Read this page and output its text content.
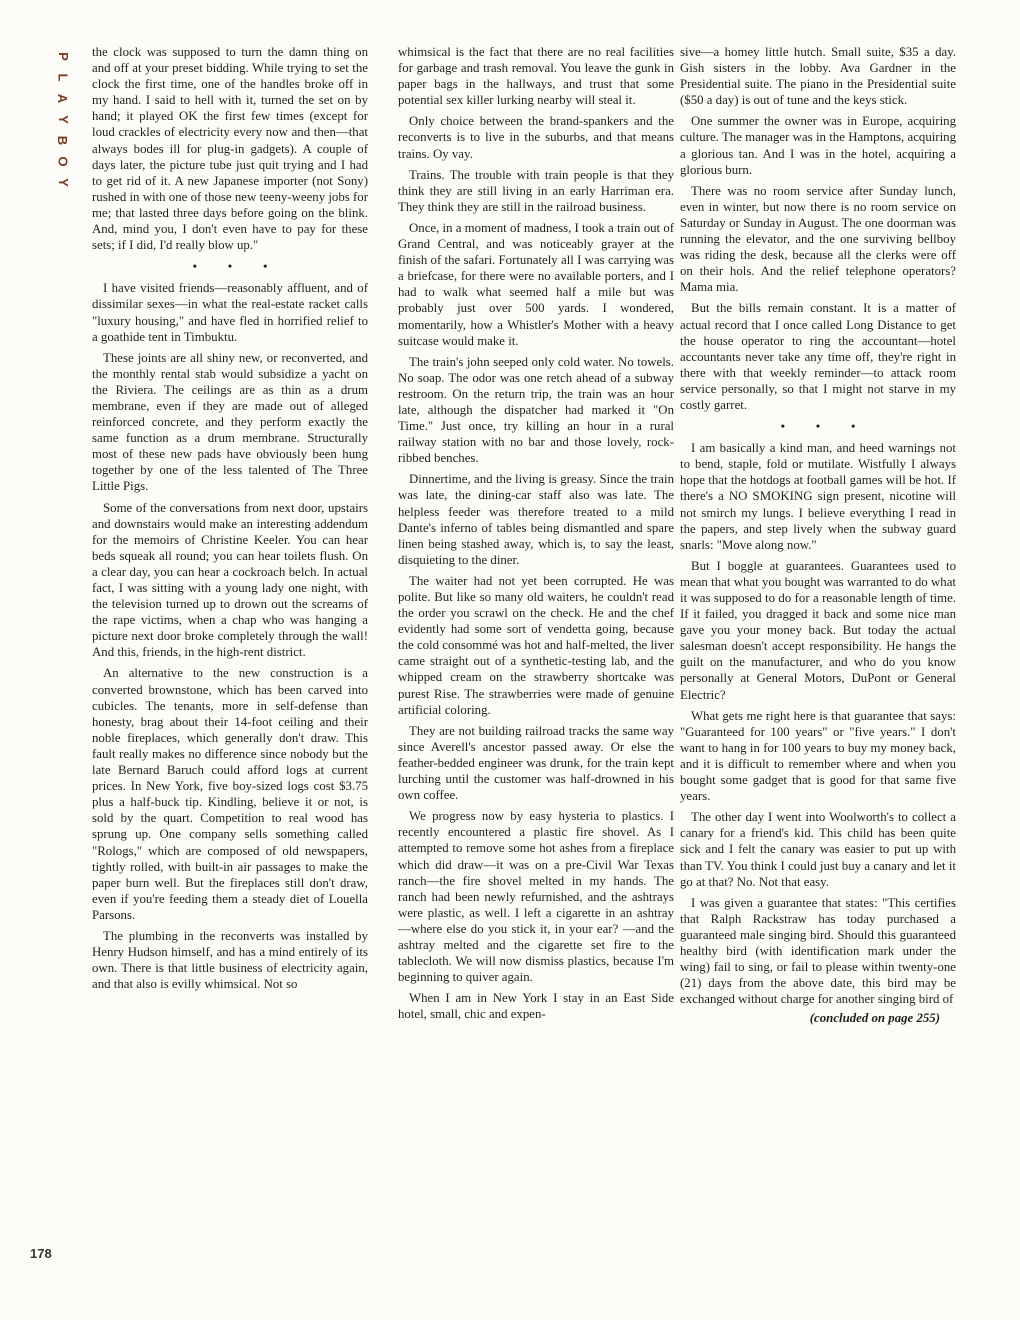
P
L
A
Y
B
O
Y

the clock was supposed to turn the damn thing on and off at your preset bidding. While trying to set the clock the first time, one of the handles broke off in my hand. I said to hell with it, turned the set on by hand; it played OK the first few times (except for loud crackles of electricity every now and then—that always bodes ill for plug-in gadgets). A couple of days later, the picture tube just quit trying and I had to get rid of it. A new Japanese importer (not Sony) rushed in with one of those new teeny-weeny jobs for me; that lasted three days before going on the blink. And, mind you, I don't even have to pay for these sets; if I did, I'd really blow up."

• • •

I have visited friends—reasonably affluent, and of dissimilar sexes—in what the real-estate racket calls "luxury housing," and have fled in horrified relief to a goathide tent in Timbuktu.

These joints are all shiny new, or reconverted, and the monthly rental stab would subsidize a yacht on the Riviera. The ceilings are as thin as a drum membrane, even if they are made out of alleged reinforced concrete, and they perform exactly the same function as a drum membrane. Structurally most of these new pads have obviously been hung together by one of the less talented of The Three Little Pigs.

Some of the conversations from next door, upstairs and downstairs would make an interesting addendum for the memoirs of Christine Keeler. You can hear beds squeak all round; you can hear toilets flush. On a clear day, you can hear a cockroach belch. In actual fact, I was sitting with a young lady one night, with the television turned up to drown out the screams of the rape victims, when a chap who was hanging a picture next door broke completely through the wall! And this, friends, in the high-rent district.

An alternative to the new construction is a converted brownstone, which has been carved into cubicles. The tenants, more in self-defense than honesty, brag about their 14-foot ceiling and their noble fireplaces, which generally don't draw. This fault really makes no difference since nobody but the late Bernard Baruch could afford logs at current prices. In New York, five boy-sized logs cost $3.75 plus a half-buck tip. Kindling, believe it or not, is sold by the quart. Competition to real wood has sprung up. One company sells something called "Rologs," which are composed of old newspapers, tightly rolled, with built-in air passages to make the paper burn well. But the fireplaces still don't draw, even if you're feeding them a steady diet of Louella Parsons.

The plumbing in the reconverts was installed by Henry Hudson himself, and has a mind entirely of its own. There is that little business of electricity again, and that also is evilly whimsical. Not so

whimsical is the fact that there are no real facilities for garbage and trash removal. You leave the gunk in paper bags in the hallways, and trust that some potential sex killer lurking nearby will steal it.

Only choice between the brand-spankers and the reconverts is to live in the suburbs, and that means trains. Oy vay.

Trains. The trouble with train people is that they think they are still living in an early Harriman era. They think they are still in the railroad business.

Once, in a moment of madness, I took a train out of Grand Central, and was noticeably grayer at the finish of the safari. Fortunately all I was carrying was a briefcase, for there were no available porters, and I had to walk what seemed half a mile but was probably just over 500 yards. I wondered, momentarily, how a Whistler's Mother with a heavy suitcase would make it.

The train's john seeped only cold water. No towels. No soap. The odor was one retch ahead of a subway restroom. On the return trip, the train was an hour late, although the dispatcher had marked it "On Time." Just once, try killing an hour in a rural railway station with no bar and those lovely, rock-ribbed benches.

Dinnertime, and the living is greasy. Since the train was late, the dining-car staff also was late. The helpless feeder was therefore treated to a mild Dante's inferno of tables being dismantled and spare linen being stashed away, which is, to say the least, disquieting to the diner.

The waiter had not yet been corrupted. He was polite. But like so many old waiters, he couldn't read the order you scrawl on the check. He and the chef evidently had some sort of vendetta going, because the cold consommé was hot and half-melted, the liver came straight out of a synthetic-testing lab, and the whipped cream on the strawberry shortcake was purest Rise. The strawberries were made of genuine artificial coloring.

They are not building railroad tracks the same way since Averell's ancestor passed away. Or else the feather-bedded engineer was drunk, for the train kept lurching until the customer was half-drowned in his own coffee.

We progress now by easy hysteria to plastics. I recently encountered a plastic fire shovel. As I attempted to remove some hot ashes from a fireplace which did draw—it was on a pre-Civil War Texas ranch—the fire shovel melted in my hands. The ranch had been newly refurnished, and the ashtrays were plastic, as well. I left a cigarette in an ashtray —where else do you stick it, in your ear? —and the ashtray melted and the cigarette set fire to the tablecloth. We will now dismiss plastics, because I'm beginning to quiver again.

When I am in New York I stay in an East Side hotel, small, chic and expen-

sive—a homey little hutch. Small suite, $35 a day. Gish sisters in the lobby. Ava Gardner in the Presidential suite. The piano in the Presidential suite ($50 a day) is out of tune and the keys stick.

One summer the owner was in Europe, acquiring culture. The manager was in the Hamptons, acquiring a glorious tan. And I was in the hotel, acquiring a glorious burn.

There was no room service after Sunday lunch, even in winter, but now there is no room service on Saturday or Sunday in August. The one doorman was running the elevator, and the one surviving bellboy was riding the desk, because all the clerks were off on their hols. And the relief telephone operators? Mama mia.

But the bills remain constant. It is a matter of actual record that I once called Long Distance to get the house operator to ring the accountant—hotel accountants never take any time off, they're right in there with that weekly reminder—to attack room service personally, so that I might not starve in my costly garret.

• • •

I am basically a kind man, and heed warnings not to bend, staple, fold or mutilate. Wistfully I always hope that the hotdogs at football games will be hot. If there's a NO SMOKING sign present, nicotine will not smirch my lungs. I believe everything I read in the papers, and step lively when the subway guard snarls: "Move along now."

But I boggle at guarantees. Guarantees used to mean that what you bought was warranted to do what it was supposed to do for a reasonable length of time. If it failed, you dragged it back and some nice man gave you your money back. But today the actual salesman doesn't accept responsibility. He hangs the guilt on the manufacturer, and who do you know personally at General Motors, DuPont or General Electric?

What gets me right here is that guarantee that says: "Guaranteed for 100 years" or "five years." I don't want to hang in for 100 years to buy my money back, and it is difficult to remember where and when you bought some gadget that is good for that same five years.

The other day I went into Woolworth's to collect a canary for a friend's kid. This child has been quite sick and I felt the canary was easier to put up with than TV. You think I could just buy a canary and let it go at that? No. Not that easy.

I was given a guarantee that states: "This certifies that Ralph Rackstraw has today purchased a guaranteed male singing bird. Should this guaranteed healthy bird (with identification mark under the wing) fail to sing, or fail to please within twenty-one (21) days from the above date, this bird may be exchanged without charge for another singing bird of

(concluded on page 255)
178
